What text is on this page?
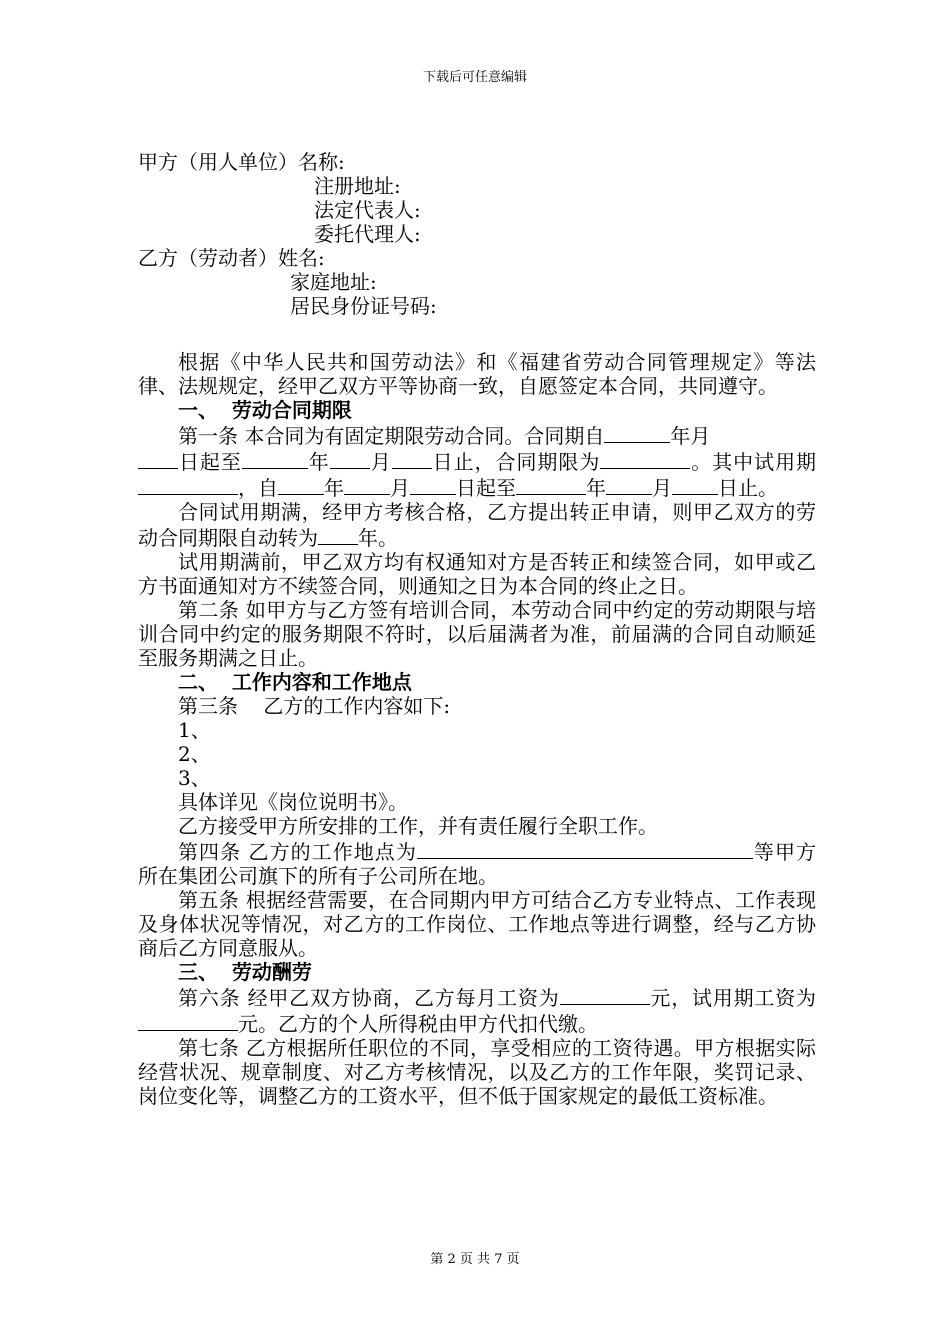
下载后可任意编辑
甲方（用人单位）名称:
注册地址:
法定代表人:
委托代理人:
乙方（劳动者）姓名:
家庭地址:
居民身份证号码:
根据《中华人民共和国劳动法》和《福建省劳动合同管理规定》等法律、法规规定，经甲乙双方平等协商一致，自愿签定本合同，共同遵守。
一、  劳动合同期限
第一条 本合同为有固定期限劳动合同。合同期自	年月
日起至	年 月 日止，合同期限为	。其中试用期，自 年 月 日起至	年 月 日止。
合同试用期满，经甲方考核合格，乙方提出转正申请，则甲乙双方的劳动合同期限自动转为 年。
试用期满前，甲乙双方均有权通知对方是否转正和续签合同，如甲或乙方书面通知对方不续签合同，则通知之日为本合同的终止之日。
第二条 如甲方与乙方签有培训合同，本劳动合同中约定的劳动期限与培训合同中约定的服务期限不符时，以后届满者为准，前届满的合同自动顺延至服务期满之日止。
二、  工作内容和工作地点
第三条    乙方的工作内容如下:
1、
2、
3、
具体详见《岗位说明书》。
乙方接受甲方所安排的工作，并有责任履行全职工作。
第四条 乙方的工作地点为	等甲方所在集团公司旗下的所有子公司所在地。
第五条 根据经营需要，在合同期内甲方可结合乙方专业特点、工作表现及身体状况等情况，对乙方的工作岗位、工作地点等进行调整，经与乙方协商后乙方同意服从。
三、  劳动酬劳
第六条 经甲乙双方协商，乙方每月工资为	元，试用期工资为元。乙方的个人所得税由甲方代扣代缴。
第七条 乙方根据所任职位的不同，享受相应的工资待遇。甲方根据实际经营状况、规章制度、对乙方考核情况，以及乙方的工作年限，奖罚记录、岗位变化等，调整乙方的工资水平，但不低于国家规定的最低工资标准。
第 2 页 共 7 页
